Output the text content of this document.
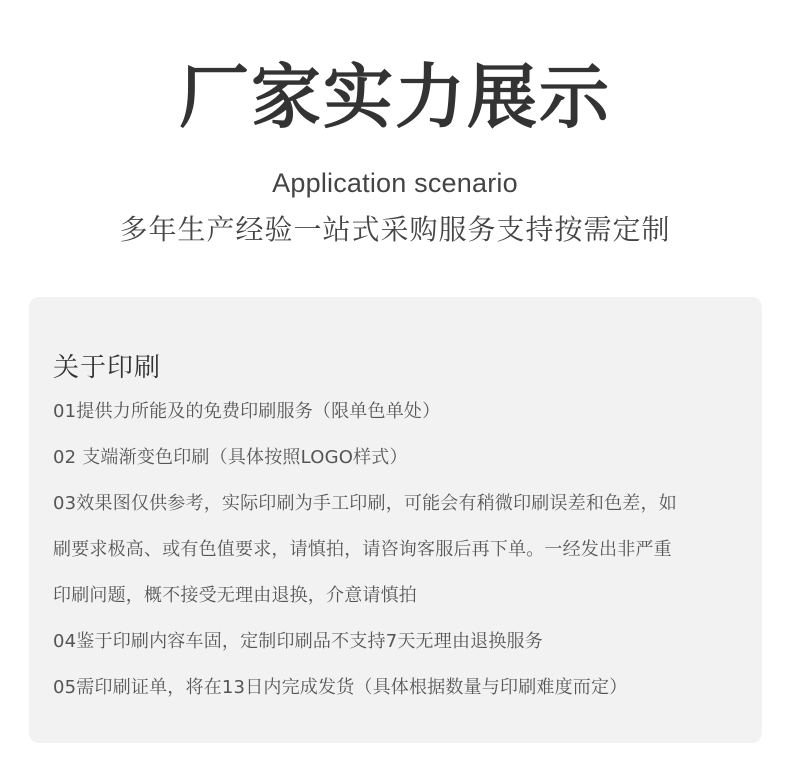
厂家实力展示
Application scenario
多年生产经验一站式采购服务支持按需定制
关于印刷
01提供力所能及的免费印刷服务（限单色单处）
02 支端渐变色印刷（具体按照LOGO样式）
03效果图仅供参考，实际印刷为手工印刷，可能会有稍微印刷误差和色差，如
刷要求极高、或有色值要求，请慎拍，请咨询客服后再下单。一经发出非严重
印刷问题，概不接受无理由退换，介意请慎拍
04鉴于印刷内容车固，定制印刷品不支持7天无理由退换服务
05需印刷证单，将在13日内完成发货（具体根据数量与印刷难度而定）
